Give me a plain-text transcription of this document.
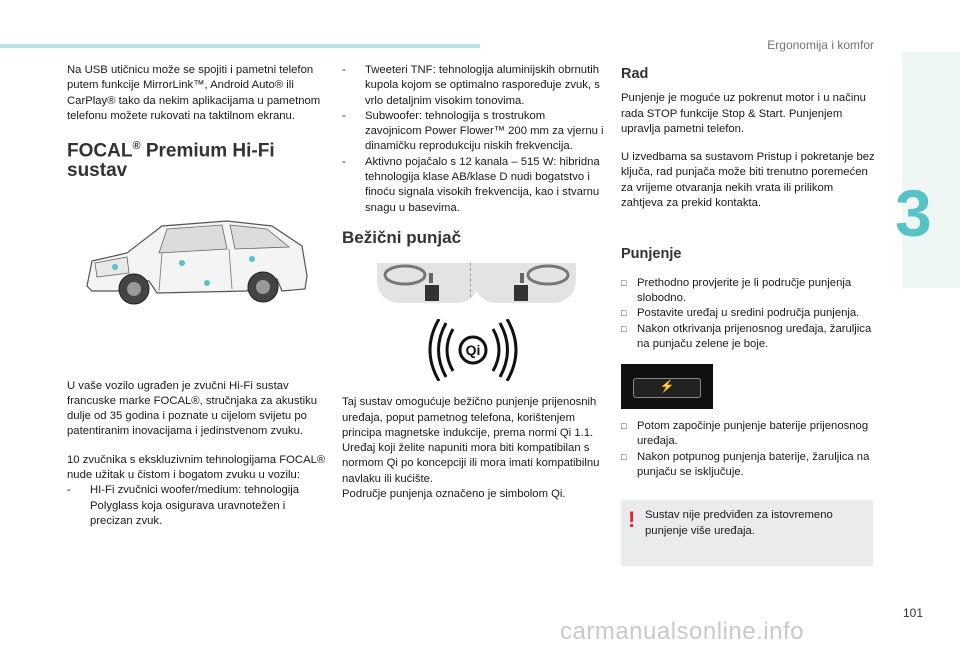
Ergonomija i komfor
3

Na USB utičnicu može se spojiti i pametni telefon putem funkcije MirrorLink™, Android Auto® ili CarPlay® tako da nekim aplikacijama u pametnom telefonu možete rukovati na taktilnom ekranu.

FOCAL® Premium Hi-Fi sustav

U vaše vozilo ugrađen je zvučni Hi-Fi sustav francuske marke FOCAL®, stručnjaka za akustiku dulje od 35 godina i poznate u cijelom svijetu po patentiranim inovacijama i jedinstvenom zvuku.

10 zvučnika s ekskluzivnim tehnologijama FOCAL® nude užitak u čistom i bogatom zvuku u vozilu:

- HI-Fi zvučnici woofer/medium: tehnologija Polyglass koja osigurava uravnotežen i precizan zvuk.
- Tweeteri TNF: tehnologija aluminijskih obrnutih kupola kojom se optimalno raspoređuje zvuk, s vrlo detaljnim visokim tonovima.
- Subwoofer: tehnologija s trostrukom zavojnicom Power Flower™ 200 mm za vjernu i dinamičku reprodukciju niskih frekvencija.
- Aktivno pojačalo s 12 kanala – 515 W: hibridna tehnologija klase AB/klase D nudi bogatstvo i finoću signala visokih frekvencija, kao i stvarnu snagu u basevima.
Bežični punjač
Qi

Taj sustav omogućuje bežično punjenje prijenosnih uređaja, poput pametnog telefona, korištenjem principa magnetske indukcije, prema normi Qi 1.1.

Uređaj koji želite napuniti mora biti kompatibilan s normom Qi po koncepciji ili mora imati kompatibilnu navlaku ili kućište.

Područje punjenja označeno je simbolom Qi.

Rad

Punjenje je moguće uz pokrenut motor i u načinu rada STOP funkcije Stop & Start. Punjenjem upravlja pametni telefon.

U izvedbama sa sustavom Pristup i pokretanje bez ključa, rad punjača može biti trenutno poremećen za vrijeme otvaranja nekih vrata ili prilikom zahtjeva za prekid kontakta.

Punjenje
□ Prethodno provjerite je li područje punjenja slobodno.
□ Postavite uređaj u sredini područja punjenja.
□ Nakon otkrivanja prijenosnog uređaja, žaruljica na punjaču zelene je boje.
⚡
□ Potom započinje punjenje baterije prijenosnog uređaja.
□ Nakon potpunog punjenja baterije, žaruljica na punjaču se isključuje.
! Sustav nije predviđen za istovremeno punjenje više uređaja.
101
carmanualsonline.info
